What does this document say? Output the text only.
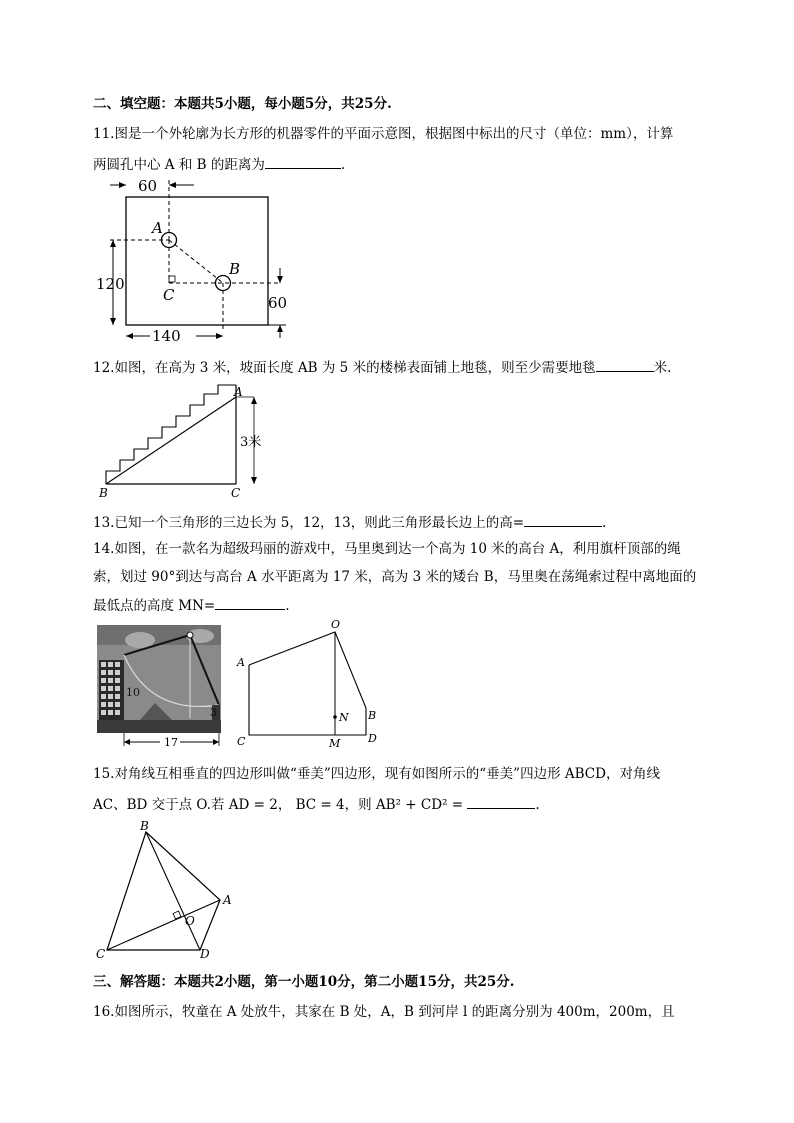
二、填空题：本题共5小题，每小题5分，共25分.
11.图是一个外轮廓为长方形的机器零件的平面示意图，根据图中标出的尺寸（单位：mm），计算
两圆孔中心 A 和 B 的距离为	.
60
120
60
140
A
B
C
12.如图，在高为 3 米，坡面长度 AB 为 5 米的楼梯表面铺上地毯，则至少需要地毯	米.
3米
A
B	C
13.已知一个三角形的三边长为 5，12，13，则此三角形最长边上的高=	.
14.如图，在一款名为超级玛丽的游戏中，马里奥到达一个高为 10 米的高台 A，利用旗杆顶部的绳
索，划过 90°到达与高台 A 水平距离为 17 米，高为 3 米的矮台 B，马里奥在荡绳索过程中离地面的
最低点的高度 MN=	.
10
3
17
O
A
B
C	D
M
N
15.对角线互相垂直的四边形叫做“垂美”四边形，现有如图所示的“垂美”四边形 ABCD，对角线
AC、BD 交于点 O.若 AD = 2， BC = 4，则 AB² + CD² =	.
B
A
C	D
O
三、解答题：本题共2小题，第一小题10分，第二小题15分，共25分.
16.如图所示，牧童在 A 处放牛，其家在 B 处，A，B 到河岸 l 的距离分别为 400m，200m，且
